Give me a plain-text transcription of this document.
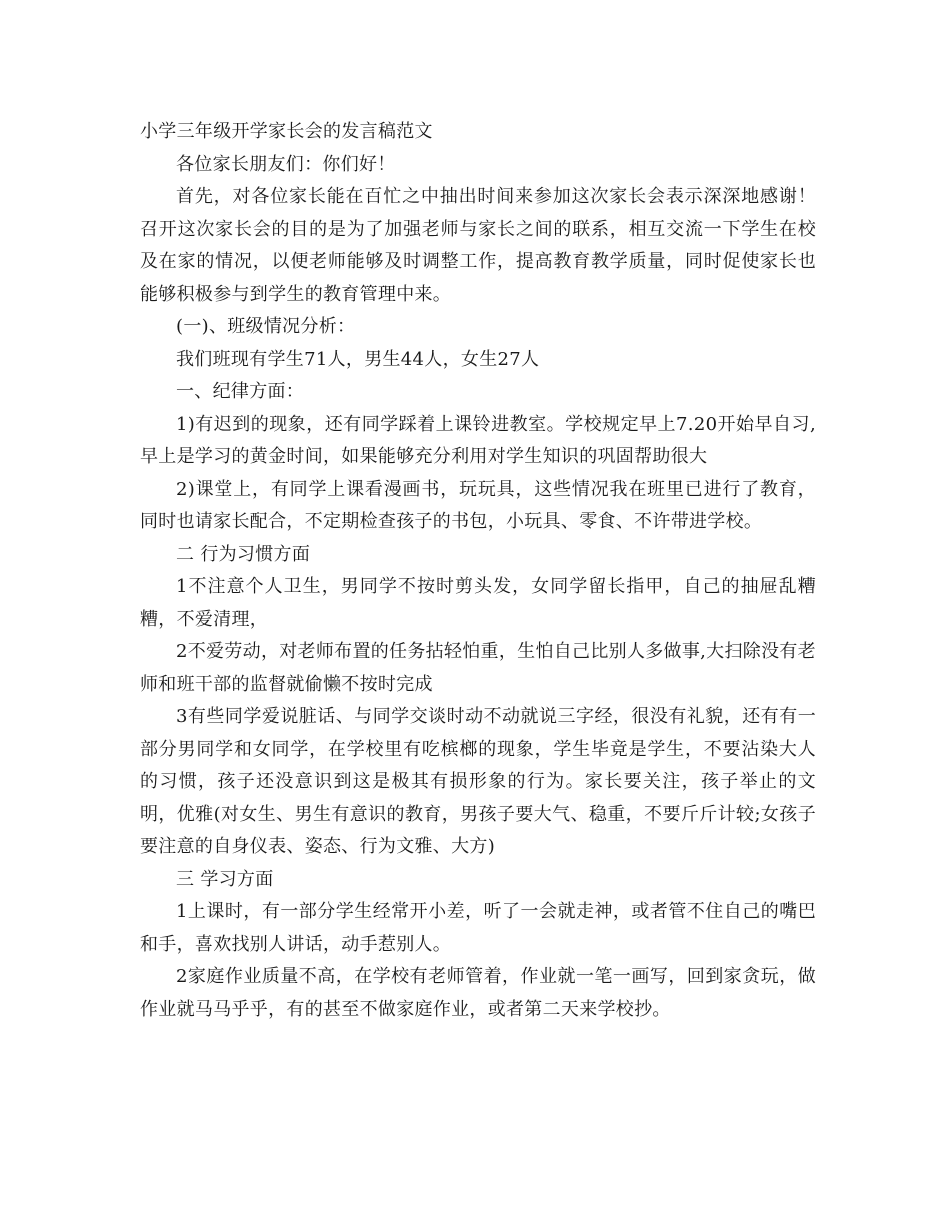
小学三年级开学家长会的发言稿范文

各位家长朋友们：你们好！

首先，对各位家长能在百忙之中抽出时间来参加这次家长会表示深深地感谢！召开这次家长会的目的是为了加强老师与家长之间的联系，相互交流一下学生在校及在家的情况，以便老师能够及时调整工作，提高教育教学质量，同时促使家长也能够积极参与到学生的教育管理中来。

(一)、班级情况分析：

我们班现有学生71人，男生44人，女生27人

一、纪律方面：

1)有迟到的现象，还有同学踩着上课铃进教室。学校规定早上7.20开始早自习,早上是学习的黄金时间，如果能够充分利用对学生知识的巩固帮助很大

2)课堂上，有同学上课看漫画书，玩玩具，这些情况我在班里已进行了教育，同时也请家长配合，不定期检查孩子的书包，小玩具、零食、不许带进学校。

二 行为习惯方面

1不注意个人卫生，男同学不按时剪头发，女同学留长指甲，自己的抽屉乱糟糟，不爱清理，

2不爱劳动，对老师布置的任务拈轻怕重，生怕自己比别人多做事,大扫除没有老师和班干部的监督就偷懒不按时完成

3有些同学爱说脏话、与同学交谈时动不动就说三字经，很没有礼貌，还有有一部分男同学和女同学，在学校里有吃槟榔的现象，学生毕竟是学生，不要沾染大人的习惯，孩子还没意识到这是极其有损形象的行为。家长要关注，孩子举止的文明，优雅(对女生、男生有意识的教育，男孩子要大气、稳重，不要斤斤计较;女孩子要注意的自身仪表、姿态、行为文雅、大方)

三 学习方面

1上课时，有一部分学生经常开小差，听了一会就走神，或者管不住自己的嘴巴和手，喜欢找别人讲话，动手惹别人。

2家庭作业质量不高，在学校有老师管着，作业就一笔一画写，回到家贪玩，做作业就马马乎乎，有的甚至不做家庭作业，或者第二天来学校抄。
